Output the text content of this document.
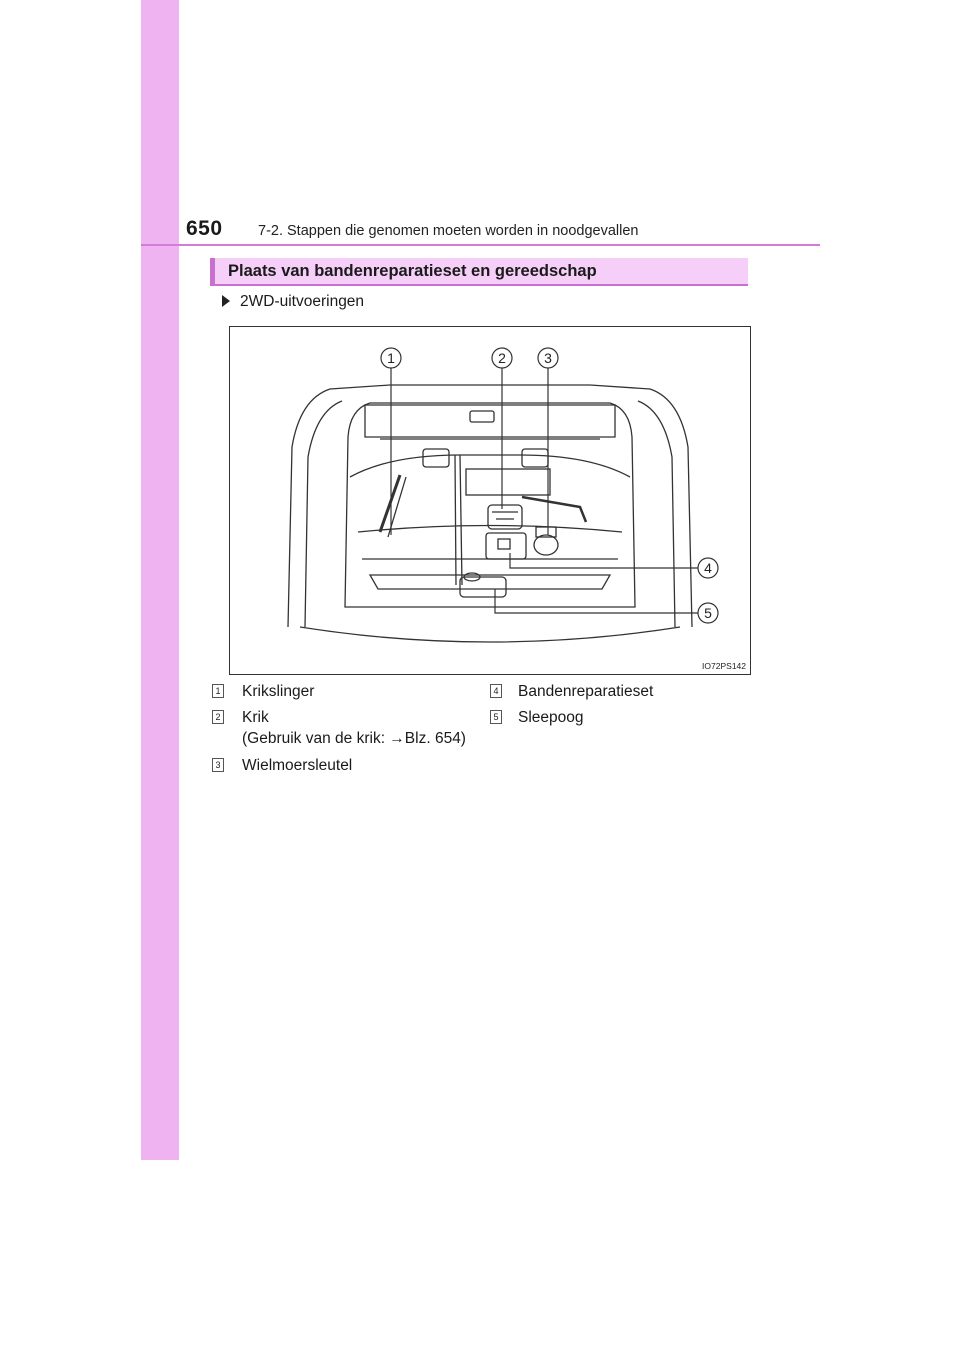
650 7-2. Stappen die genomen moeten worden in noodgevallen
Plaats van bandenreparatieset en gereedschap
2WD-uitvoeringen
1	2	3
4
5
IO72PS142
1 Krikslinger
2 Krik
(Gebruik van de krik: →Blz. 654)
3 Wielmoersleutel
4 Bandenreparatieset
5 Sleepoog
